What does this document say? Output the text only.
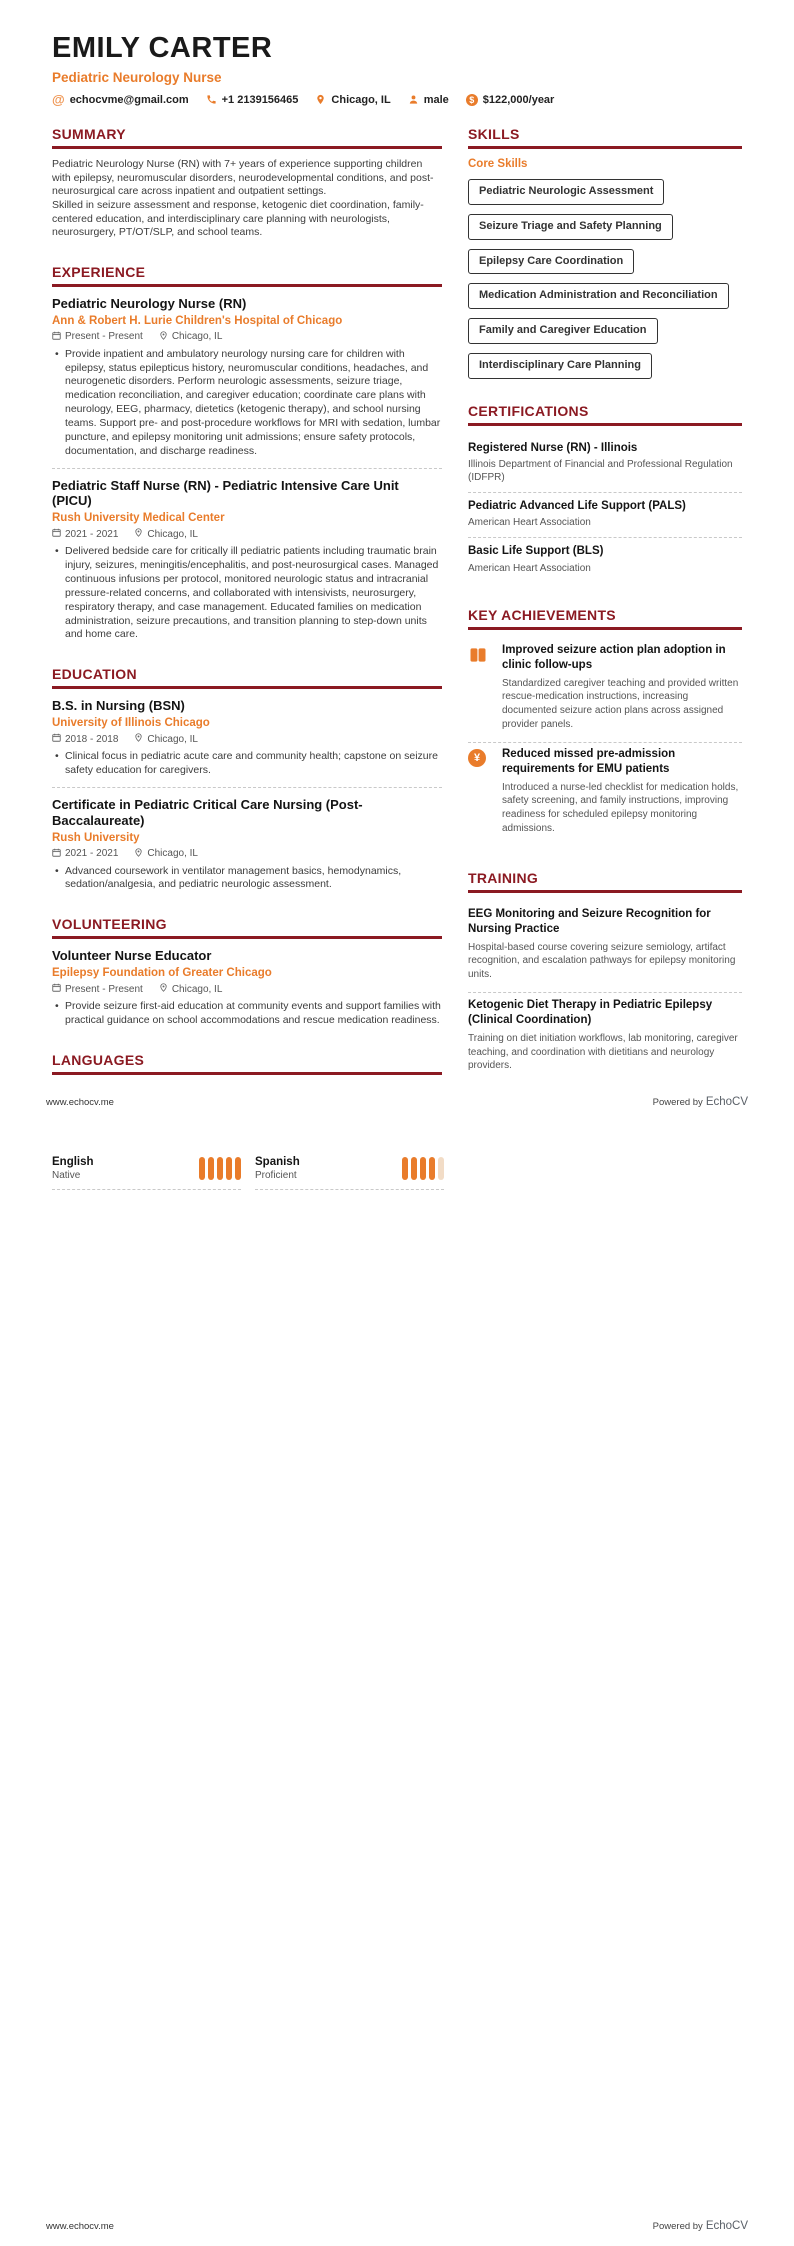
EMILY CARTER
Pediatric Neurology Nurse
@ echocvme@gmail.com	+1 2139156465	Chicago, IL	male	$ $122,000/year
SUMMARY

Pediatric Neurology Nurse (RN) with 7+ years of experience supporting children with epilepsy, neuromuscular disorders, neurodevelopmental conditions, and post-neurosurgical care across inpatient and outpatient settings.

Skilled in seizure assessment and response, ketogenic diet coordination, family-centered education, and interdisciplinary care planning with neurologists, neurosurgery, PT/OT/SLP, and school teams.

EXPERIENCE
Pediatric Neurology Nurse (RN)
Ann & Robert H. Lurie Children's Hospital of Chicago
Present - Present	Chicago, IL
• Provide inpatient and ambulatory neurology nursing care for children with epilepsy, status epilepticus history, neuromuscular conditions, headaches, and neurogenetic disorders. Perform neurologic assessments, seizure triage, medication reconciliation, and caregiver education; coordinate care plans with neurology, EEG, pharmacy, dietetics (ketogenic therapy), and school nursing teams. Support pre- and post-procedure workflows for MRI with sedation, lumbar puncture, and epilepsy monitoring unit admissions; ensure safety protocols, documentation, and discharge readiness.
Pediatric Staff Nurse (RN) - Pediatric Intensive Care Unit (PICU)
Rush University Medical Center
2021 - 2021	Chicago, IL
• Delivered bedside care for critically ill pediatric patients including traumatic brain injury, seizures, meningitis/encephalitis, and post-neurosurgical cases. Managed continuous infusions per protocol, monitored neurologic status and intracranial pressure-related concerns, and collaborated with intensivists, neurosurgery, respiratory therapy, and case management. Educated families on medication administration, seizure precautions, and transition planning to step-down units and home care.
EDUCATION
B.S. in Nursing (BSN)
University of Illinois Chicago
2018 - 2018	Chicago, IL
• Clinical focus in pediatric acute care and community health; capstone on seizure safety education for caregivers.
Certificate in Pediatric Critical Care Nursing (Post-Baccalaureate)
Rush University
2021 - 2021	Chicago, IL
• Advanced coursework in ventilator management basics, hemodynamics, sedation/analgesia, and pediatric neurologic assessment.
VOLUNTEERING
Volunteer Nurse Educator
Epilepsy Foundation of Greater Chicago
Present - Present	Chicago, IL
• Provide seizure first-aid education at community events and support families with practical guidance on school accommodations and rescue medication readiness.
LANGUAGES
SKILLS
Core Skills
Pediatric Neurologic Assessment
Seizure Triage and Safety Planning
Epilepsy Care Coordination
Medication Administration and Reconciliation
Family and Caregiver Education
Interdisciplinary Care Planning
CERTIFICATIONS
Registered Nurse (RN) - Illinois
Illinois Department of Financial and Professional Regulation (IDFPR)
Pediatric Advanced Life Support (PALS)
American Heart Association
Basic Life Support (BLS)
American Heart Association
KEY ACHIEVEMENTS
Improved seizure action plan adoption in clinic follow-ups
Standardized caregiver teaching and provided written rescue-medication instructions, increasing documented seizure action plans across assigned provider panels.
¥	Reduced missed pre-admission requirements for EMU patients
Introduced a nurse-led checklist for medication holds, safety screening, and family instructions, improving readiness for scheduled epilepsy monitoring admissions.
TRAINING
EEG Monitoring and Seizure Recognition for Nursing Practice
Hospital-based course covering seizure semiology, artifact recognition, and escalation pathways for epilepsy monitoring units.
Ketogenic Diet Therapy in Pediatric Epilepsy (Clinical Coordination)
Training on diet initiation workflows, lab monitoring, caregiver teaching, and coordination with dietitians and neurology providers.
www.echocv.me	Powered by EchoCV
English
Native
Spanish
Proficient
www.echocv.me	Powered by EchoCV
